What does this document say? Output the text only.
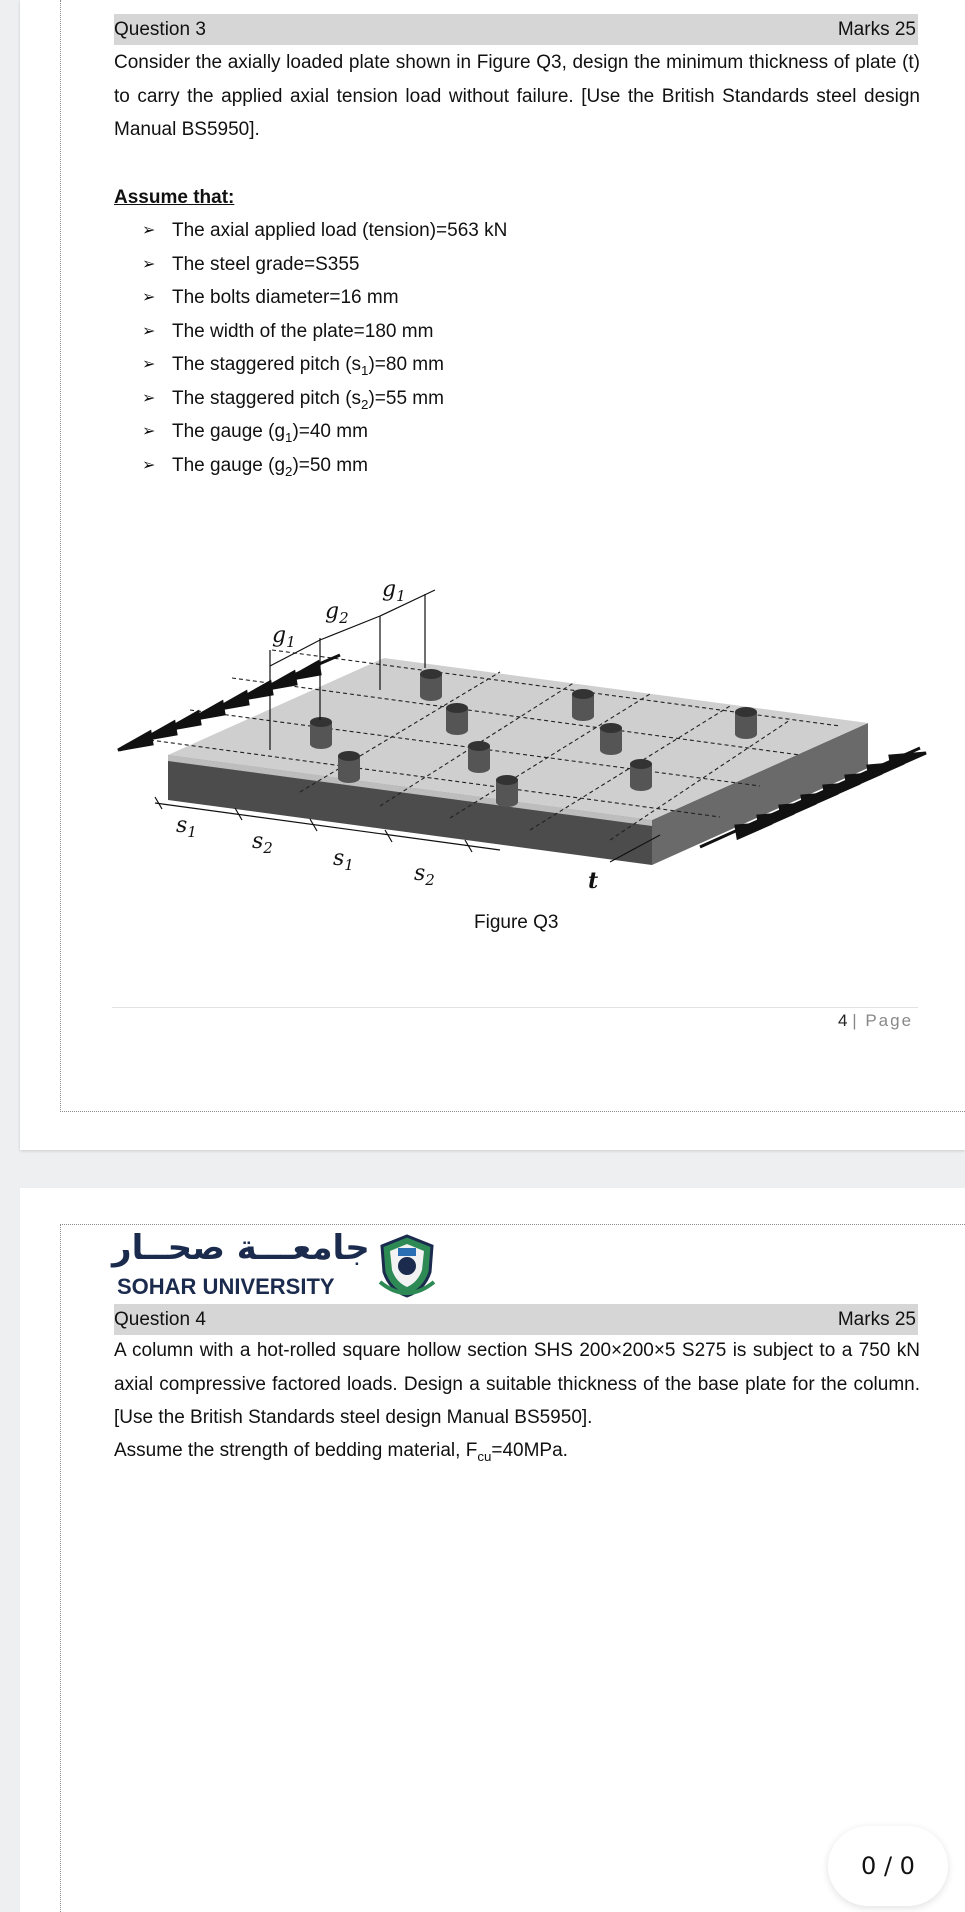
Question 3	Marks 25
Consider the axially loaded plate shown in Figure Q3, design the minimum thickness of plate (t) to carry the applied axial tension load without failure. [Use the British Standards steel design Manual BS5950].
Assume that:
➢ The axial applied load (tension)=563 kN
➢ The steel grade=S355
➢ The bolts diameter=16 mm
➢ The width of the plate=180 mm
➢ The staggered pitch $(s_1)=80$ mm
➢ The staggered pitch $(s_2)=55$ mm
➢ The gauge $(g_1)=40$ mm
➢ The gauge $(g_2)=50$ mm
$g_1$
$g_2$
$g_1$
$s_1$	$s_2$	$s_1$	$s_2$	t
Figure Q3
4 | Page
جامعـــة صحــار
SOHAR UNIVERSITY
Question 4	Marks 25
A column with a hot-rolled square hollow section SHS 200×200×5 S275 is subject to a 750 kN axial compressive factored loads. Design a suitable thickness of the base plate for the column. [Use the British Standards steel design Manual BS5950].
Assume the strength of bedding material, $F_{cu}=40MPa$.
0 / 0
